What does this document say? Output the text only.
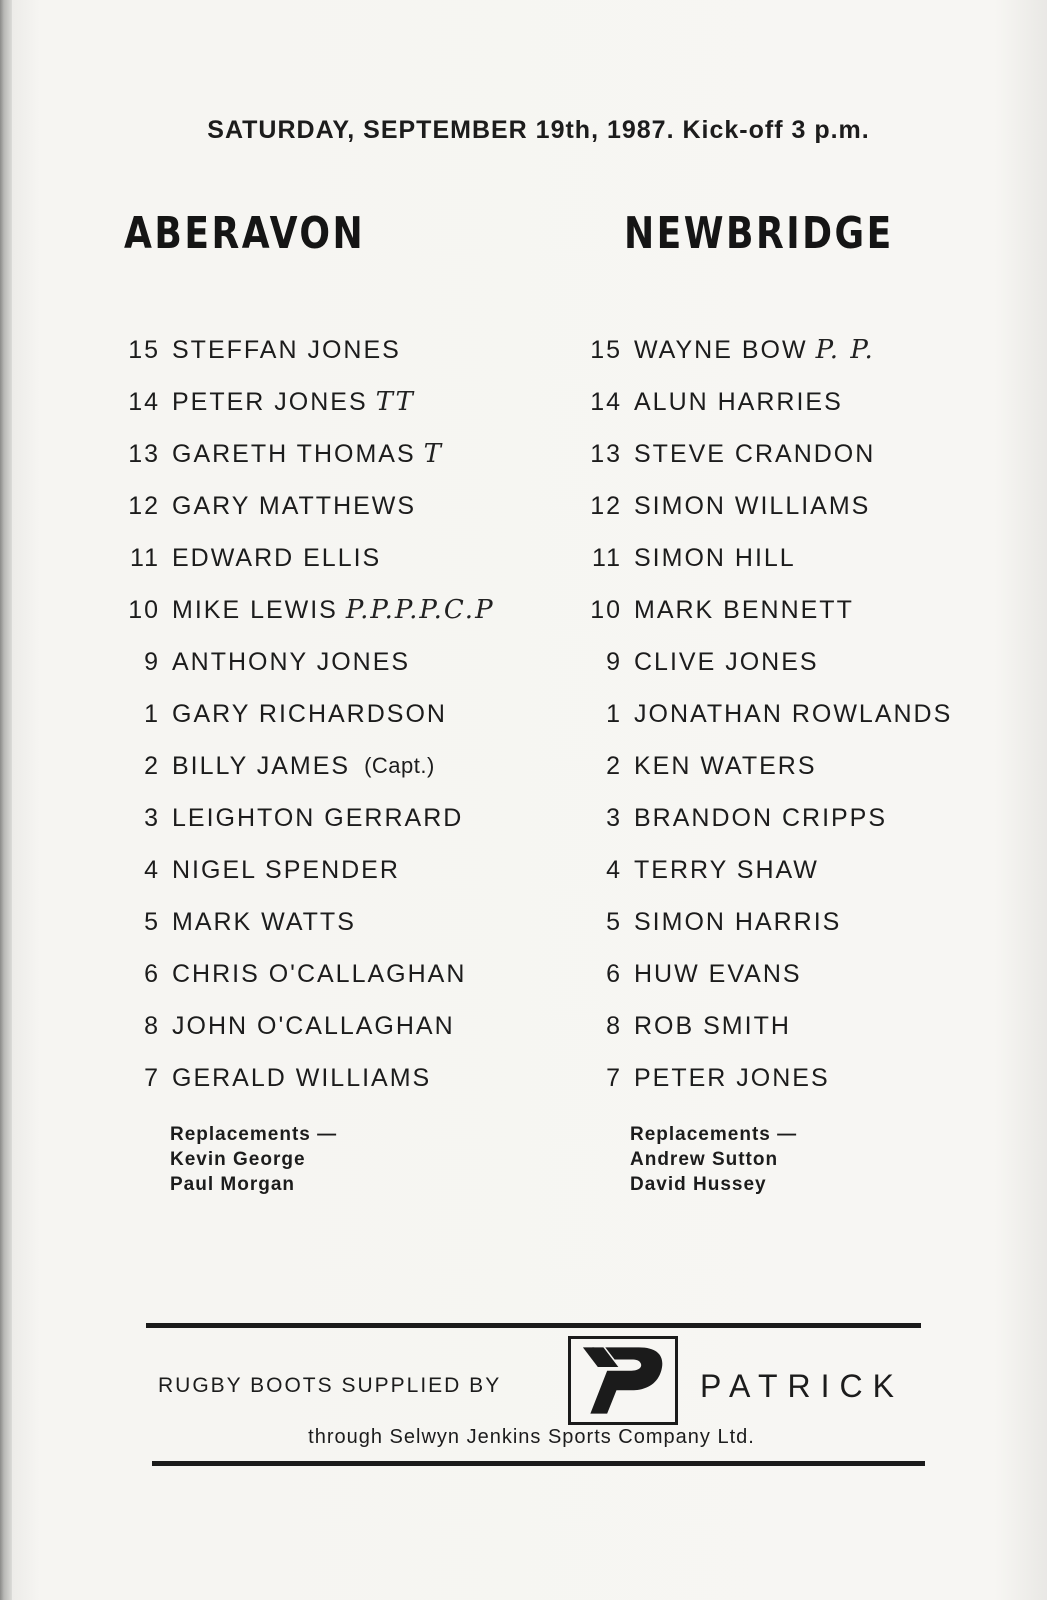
SATURDAY, SEPTEMBER 19th, 1987. Kick-off 3 p.m.
ABERAVON	NEWBRIDGE
15 STEFFAN JONES
14 PETER JONES TT
13 GARETH THOMAS T
12 GARY MATTHEWS
11 EDWARD ELLIS
10 MIKE LEWIS P.P.P.P.C.P
9 ANTHONY JONES
1 GARY RICHARDSON
2 BILLY JAMES (Capt.)
3 LEIGHTON GERRARD
4 NIGEL SPENDER
5 MARK WATTS
6 CHRIS O'CALLAGHAN
8 JOHN O'CALLAGHAN
7 GERALD WILLIAMS
15 WAYNE BOW P. P.
14 ALUN HARRIES
13 STEVE CRANDON
12 SIMON WILLIAMS
11 SIMON HILL
10 MARK BENNETT
9 CLIVE JONES
1 JONATHAN ROWLANDS
2 KEN WATERS
3 BRANDON CRIPPS
4 TERRY SHAW
5 SIMON HARRIS
6 HUW EVANS
8 ROB SMITH
7 PETER JONES
Replacements —
Kevin George
Paul Morgan
Replacements —
Andrew Sutton
David Hussey
RUGBY BOOTS SUPPLIED BY	PATRICK
through Selwyn Jenkins Sports Company Ltd.
